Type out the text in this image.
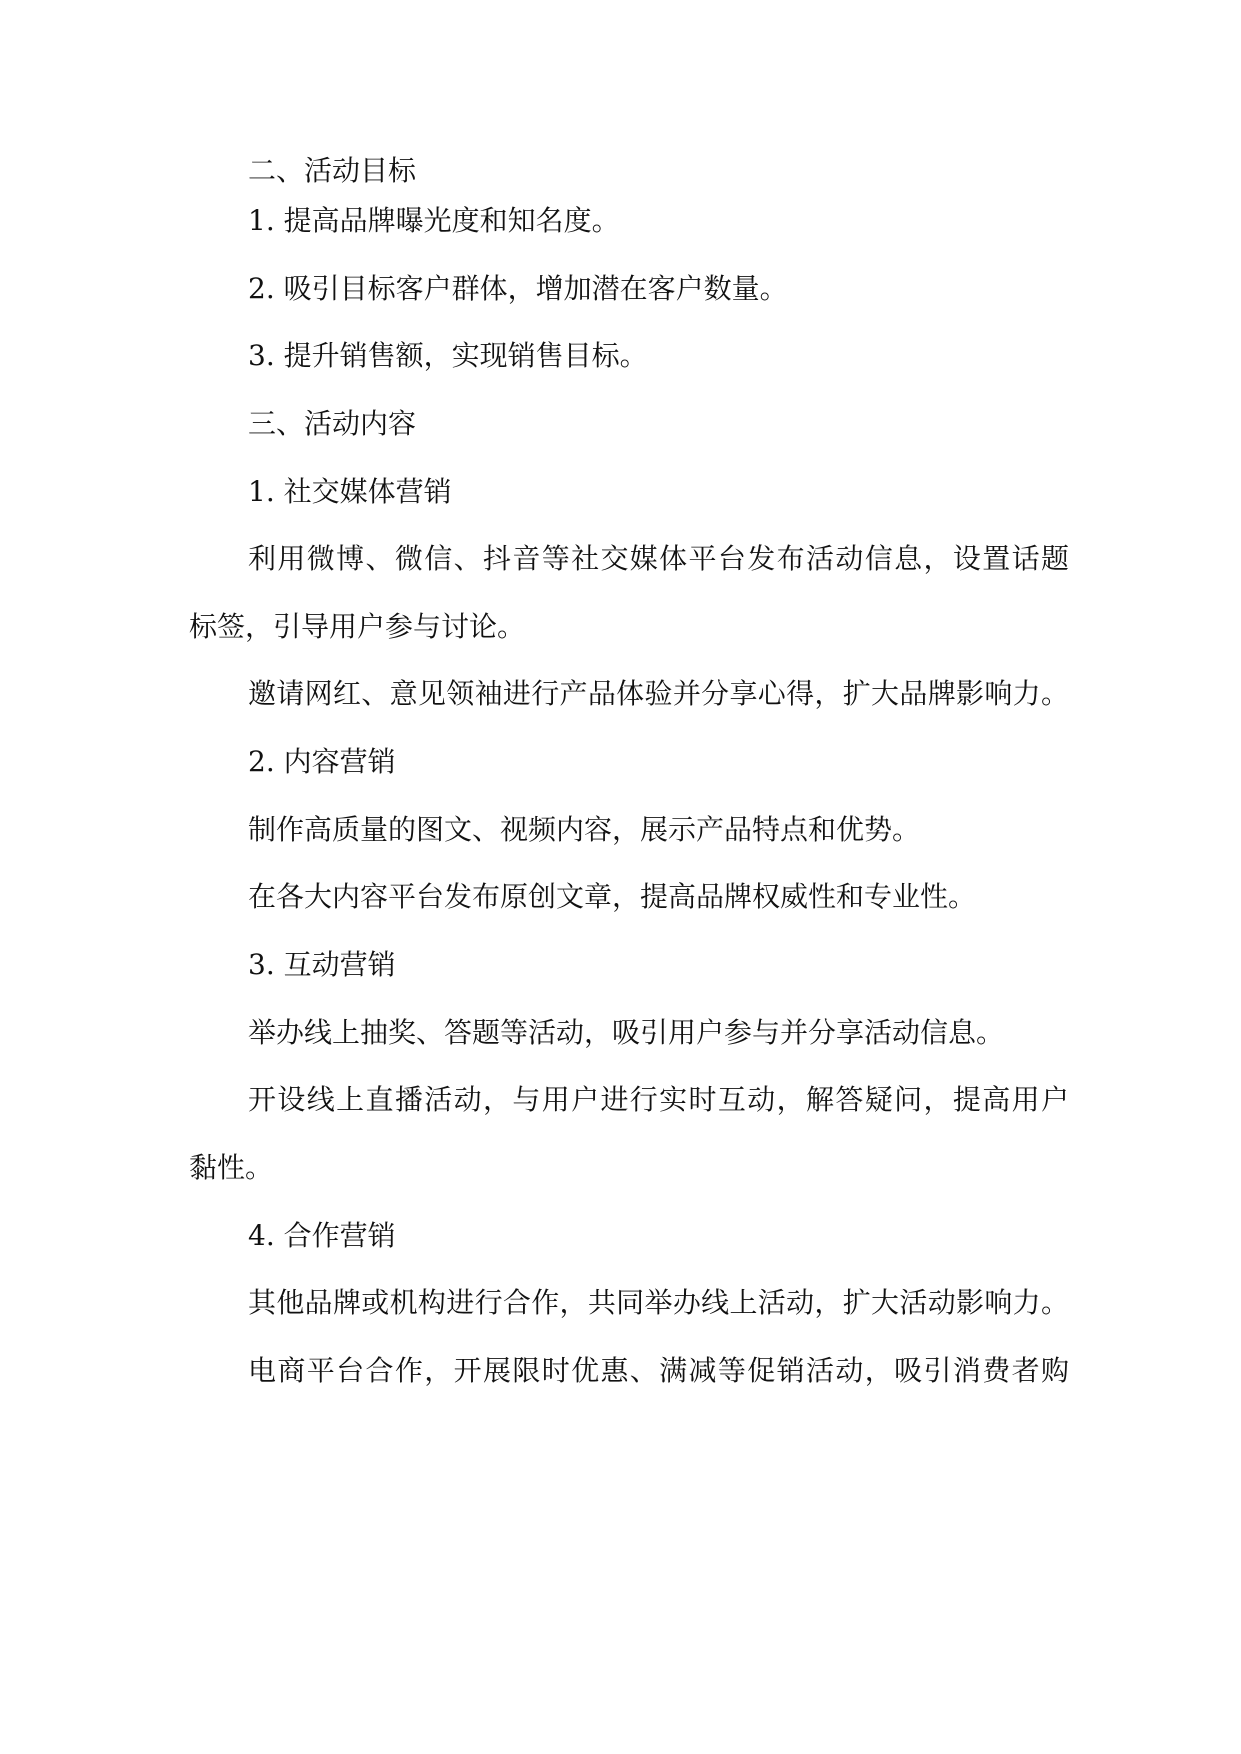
二、活动目标
1. 提高品牌曝光度和知名度。
2. 吸引目标客户群体，增加潜在客户数量。
3. 提升销售额，实现销售目标。
三、活动内容
1. 社交媒体营销
利用微博、微信、抖音等社交媒体平台发布活动信息，设置话题
标签，引导用户参与讨论。
邀请网红、意见领袖进行产品体验并分享心得，扩大品牌影响力。
2. 内容营销
制作高质量的图文、视频内容，展示产品特点和优势。
在各大内容平台发布原创文章，提高品牌权威性和专业性。
3. 互动营销
举办线上抽奖、答题等活动，吸引用户参与并分享活动信息。
开设线上直播活动，与用户进行实时互动，解答疑问，提高用户
黏性。
4. 合作营销
其他品牌或机构进行合作，共同举办线上活动，扩大活动影响力。
电商平台合作，开展限时优惠、满减等促销活动，吸引消费者购
